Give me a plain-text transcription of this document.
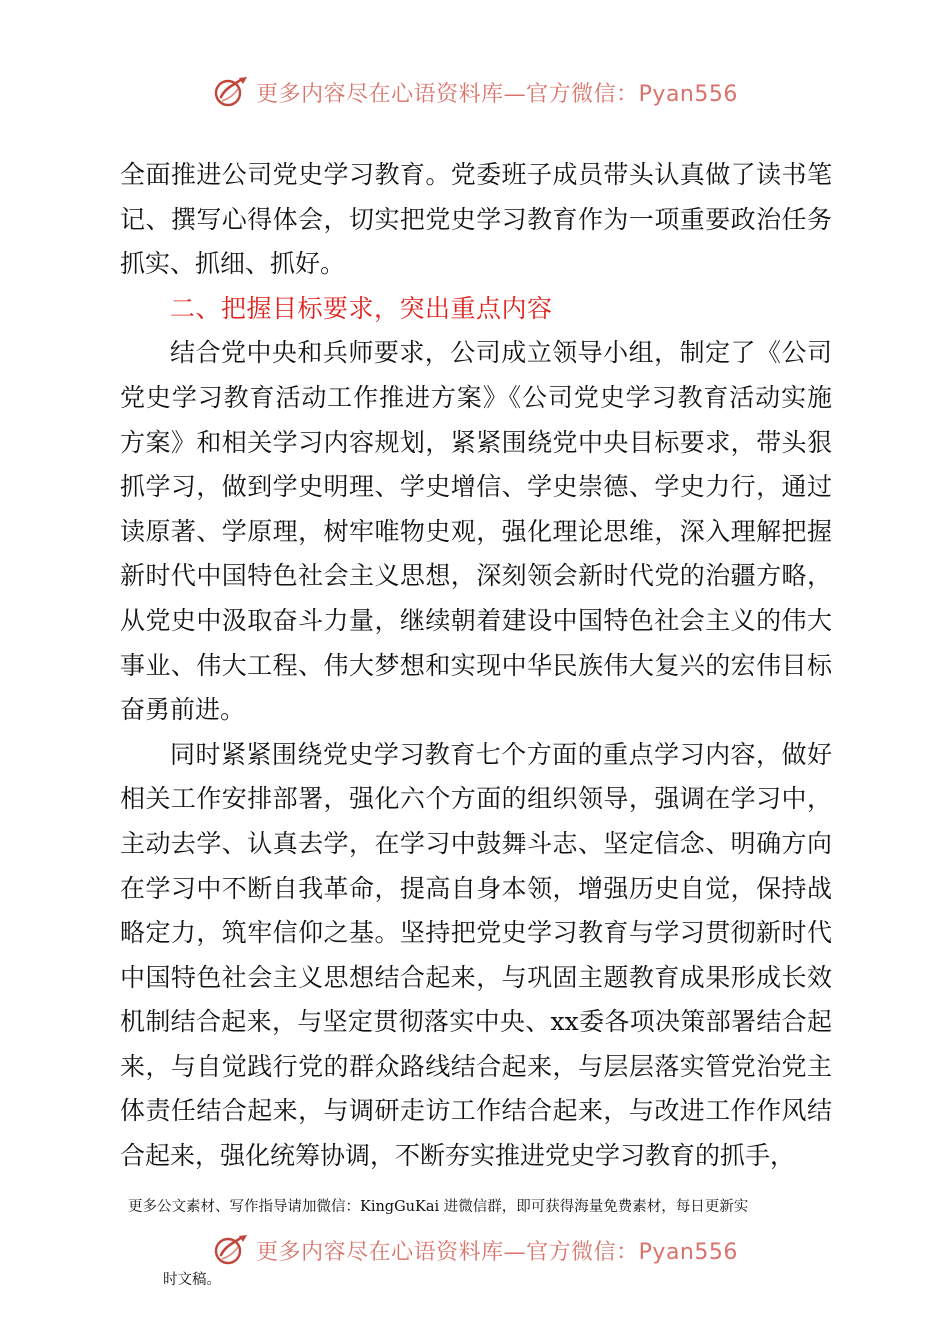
更多内容尽在心语资料库—官方微信：Pyan556

全面推进公司党史学习教育。党委班子成员带头认真做了读书笔记、撰写心得体会，切实把党史学习教育作为一项重要政治任务抓实、抓细、抓好。

二、把握目标要求，突出重点内容

结合党中央和兵师要求，公司成立领导小组，制定了《公司党史学习教育活动工作推进方案》《公司党史学习教育活动实施方案》和相关学习内容规划，紧紧围绕党中央目标要求，带头狠抓学习，做到学史明理、学史增信、学史崇德、学史力行，通过读原著、学原理，树牢唯物史观，强化理论思维，深入理解把握新时代中国特色社会主义思想，深刻领会新时代党的治疆方略，从党史中汲取奋斗力量，继续朝着建设中国特色社会主义的伟大事业、伟大工程、伟大梦想和实现中华民族伟大复兴的宏伟目标奋勇前进。

同时紧紧围绕党史学习教育七个方面的重点学习内容，做好相关工作安排部署，强化六个方面的组织领导，强调在学习中，主动去学、认真去学，在学习中鼓舞斗志、坚定信念、明确方向在学习中不断自我革命，提高自身本领，增强历史自觉，保持战略定力，筑牢信仰之基。坚持把党史学习教育与学习贯彻新时代中国特色社会主义思想结合起来，与巩固主题教育成果形成长效机制结合起来，与坚定贯彻落实中央、xx委各项决策部署结合起来，与自觉践行党的群众路线结合起来，与层层落实管党治党主体责任结合起来，与调研走访工作结合起来，与改进工作作风结合起来，强化统筹协调，不断夯实推进党史学习教育的抓手，

更多公文素材、写作指导请加微信：KingGuKai 进微信群，即可获得海量免费素材，每日更新实
更多内容尽在心语资料库—官方微信：Pyan556
时文稿。
